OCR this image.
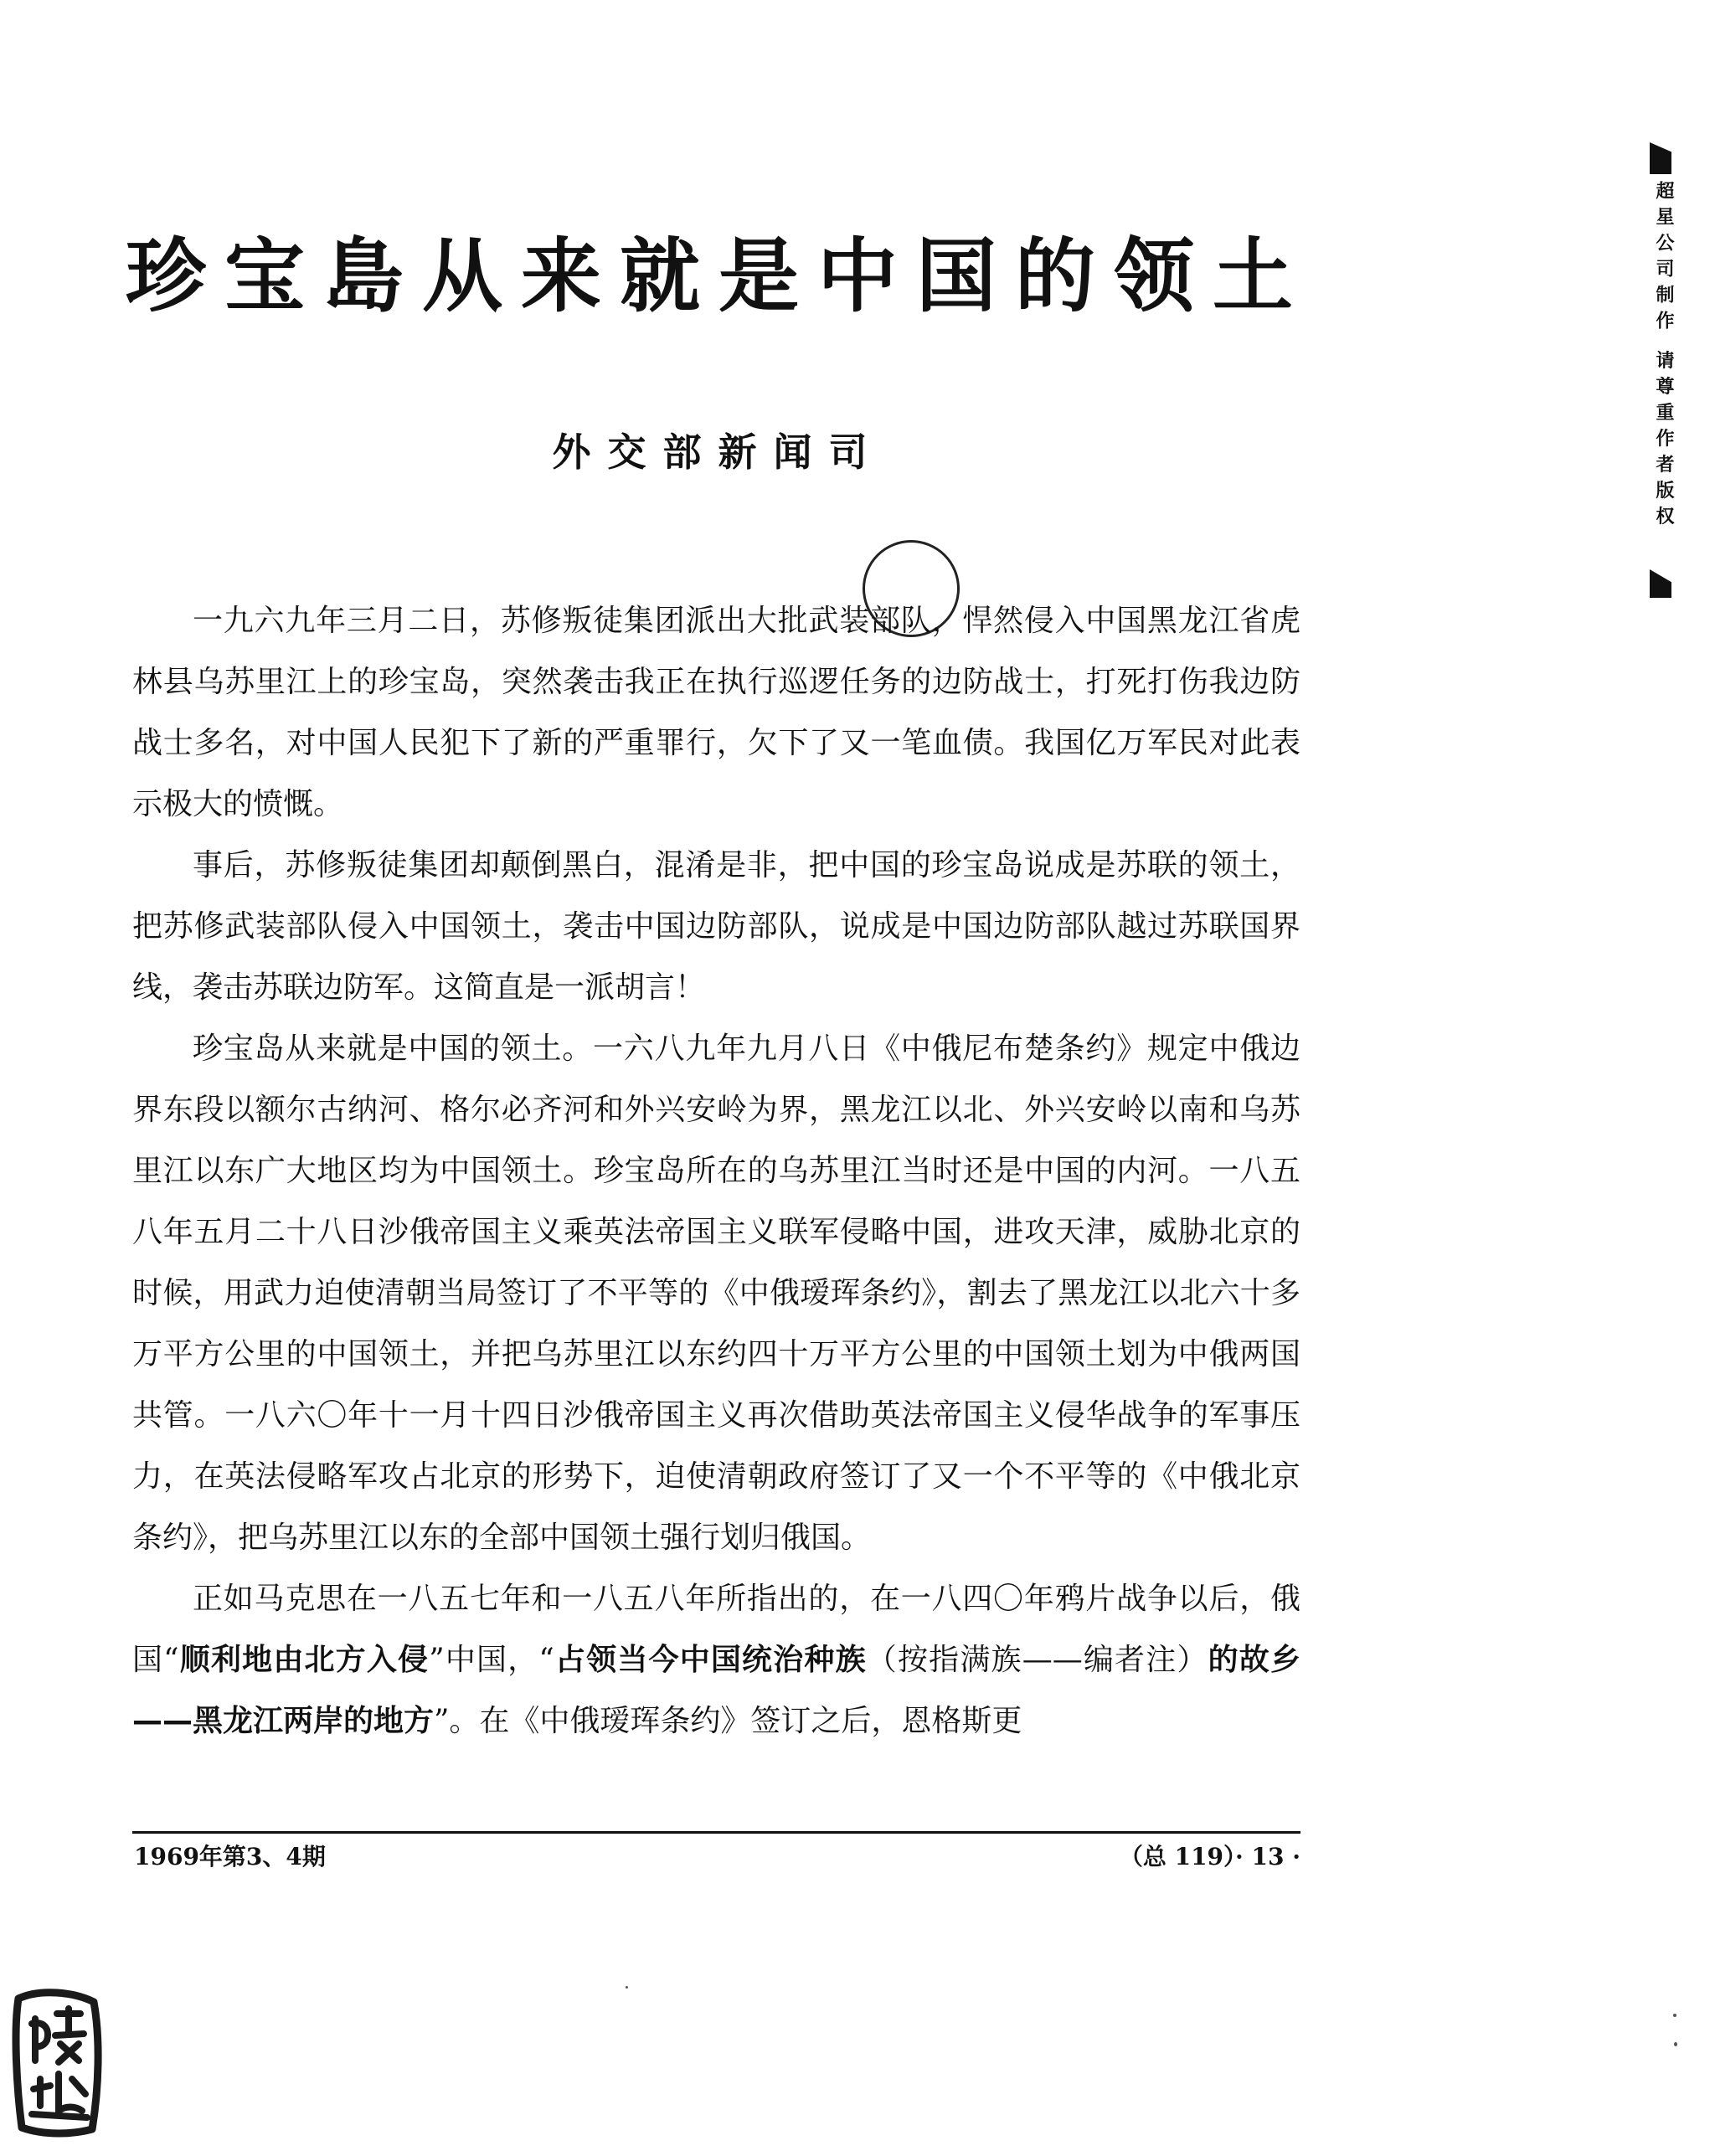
珍宝島从来就是中国的领土
外交部新闻司

一九六九年三月二日，苏修叛徒集团派出大批武装部队，悍然侵入中国黑龙江省虎林县乌苏里江上的珍宝岛，突然袭击我正在执行巡逻任务的边防战士，打死打伤我边防战士多名，对中国人民犯下了新的严重罪行，欠下了又一笔血债。我国亿万军民对此表示极大的愤慨。

事后，苏修叛徒集团却颠倒黑白，混淆是非，把中国的珍宝岛说成是苏联的领土，把苏修武装部队侵入中国领土，袭击中国边防部队，说成是中国边防部队越过苏联国界线，袭击苏联边防军。这简直是一派胡言！

珍宝岛从来就是中国的领土。一六八九年九月八日《中俄尼布楚条约》规定中俄边界东段以额尔古纳河、格尔必齐河和外兴安岭为界，黑龙江以北、外兴安岭以南和乌苏里江以东广大地区均为中国领土。珍宝岛所在的乌苏里江当时还是中国的内河。一八五八年五月二十八日沙俄帝国主义乘英法帝国主义联军侵略中国，进攻天津，威胁北京的时候，用武力迫使清朝当局签订了不平等的《中俄瑷珲条约》，割去了黑龙江以北六十多万平方公里的中国领土，并把乌苏里江以东约四十万平方公里的中国领土划为中俄两国共管。一八六〇年十一月十四日沙俄帝国主义再次借助英法帝国主义侵华战争的军事压力，在英法侵略军攻占北京的形势下，迫使清朝政府签订了又一个不平等的《中俄北京条约》，把乌苏里江以东的全部中国领土强行划归俄国。

正如马克思在一八五七年和一八五八年所指出的，在一八四〇年鸦片战争以后，俄国“顺利地由北方入侵”中国，“占领当今中国统治种族（按指满族——编者注）的故乡——黑龙江两岸的地方”。在《中俄瑷珲条约》签订之后，恩格斯更

1969年第3、4期	（总 119）· 13 ·
超星公司制作 请尊重作者版权
